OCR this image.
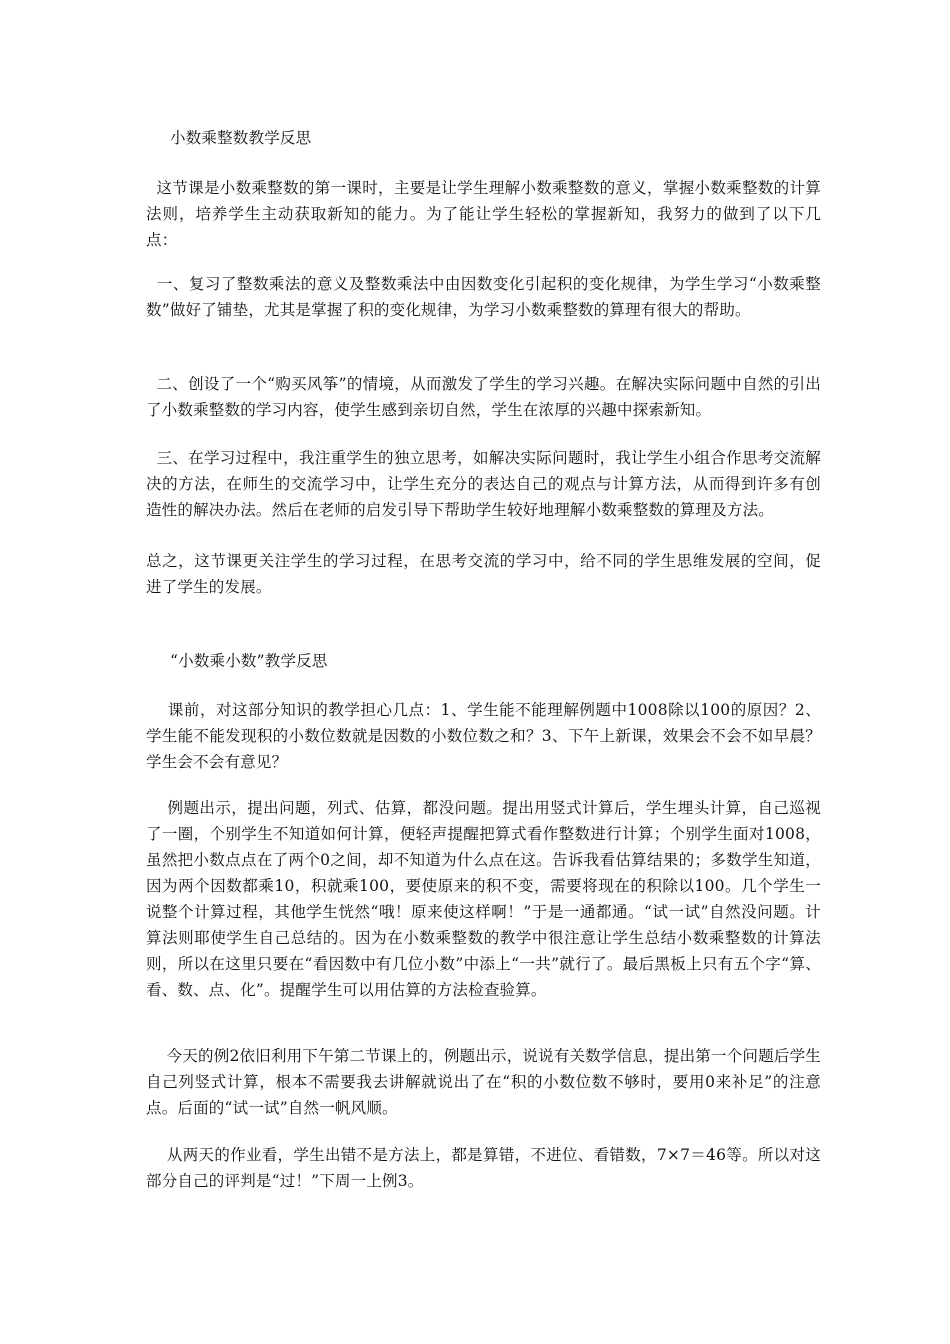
小数乘整数教学反思

这节课是小数乘整数的第一课时，主要是让学生理解小数乘整数的意义，掌握小数乘整数的计算法则，培养学生主动获取新知的能力。为了能让学生轻松的掌握新知，我努力的做到了以下几点：

一、复习了整数乘法的意义及整数乘法中由因数变化引起积的变化规律，为学生学习“小数乘整数”做好了铺垫，尤其是掌握了积的变化规律，为学习小数乘整数的算理有很大的帮助。

二、创设了一个“购买风筝”的情境，从而激发了学生的学习兴趣。在解决实际问题中自然的引出了小数乘整数的学习内容，使学生感到亲切自然，学生在浓厚的兴趣中探索新知。

三、在学习过程中，我注重学生的独立思考，如解决实际问题时，我让学生小组合作思考交流解决的方法，在师生的交流学习中，让学生充分的表达自己的观点与计算方法，从而得到许多有创造性的解决办法。然后在老师的启发引导下帮助学生较好地理解小数乘整数的算理及方法。

总之，这节课更关注学生的学习过程，在思考交流的学习中，给不同的学生思维发展的空间，促进了学生的发展。

“小数乘小数”教学反思

课前，对这部分知识的教学担心几点：1、学生能不能理解例题中1008除以100的原因？2、学生能不能发现积的小数位数就是因数的小数位数之和？3、下午上新课，效果会不会不如早晨？学生会不会有意见？

例题出示，提出问题，列式、估算，都没问题。提出用竖式计算后，学生埋头计算，自己巡视了一圈，个别学生不知道如何计算，便轻声提醒把算式看作整数进行计算；个别学生面对1008，虽然把小数点点在了两个0之间，却不知道为什么点在这。告诉我看估算结果的；多数学生知道，因为两个因数都乘10，积就乘100，要使原来的积不变，需要将现在的积除以100。几个学生一说整个计算过程，其他学生恍然“哦！原来使这样啊！”于是一通都通。“试一试”自然没问题。计算法则耶使学生自己总结的。因为在小数乘整数的教学中很注意让学生总结小数乘整数的计算法则，所以在这里只要在“看因数中有几位小数”中添上“一共”就行了。最后黑板上只有五个字“算、看、数、点、化”。提醒学生可以用估算的方法检查验算。

今天的例2依旧利用下午第二节课上的，例题出示，说说有关数学信息，提出第一个问题后学生自己列竖式计算，根本不需要我去讲解就说出了在“积的小数位数不够时，要用0来补足”的注意点。后面的“试一试”自然一帆风顺。

从两天的作业看，学生出错不是方法上，都是算错，不进位、看错数，7×7＝46等。所以对这部分自己的评判是“过！”下周一上例3。
